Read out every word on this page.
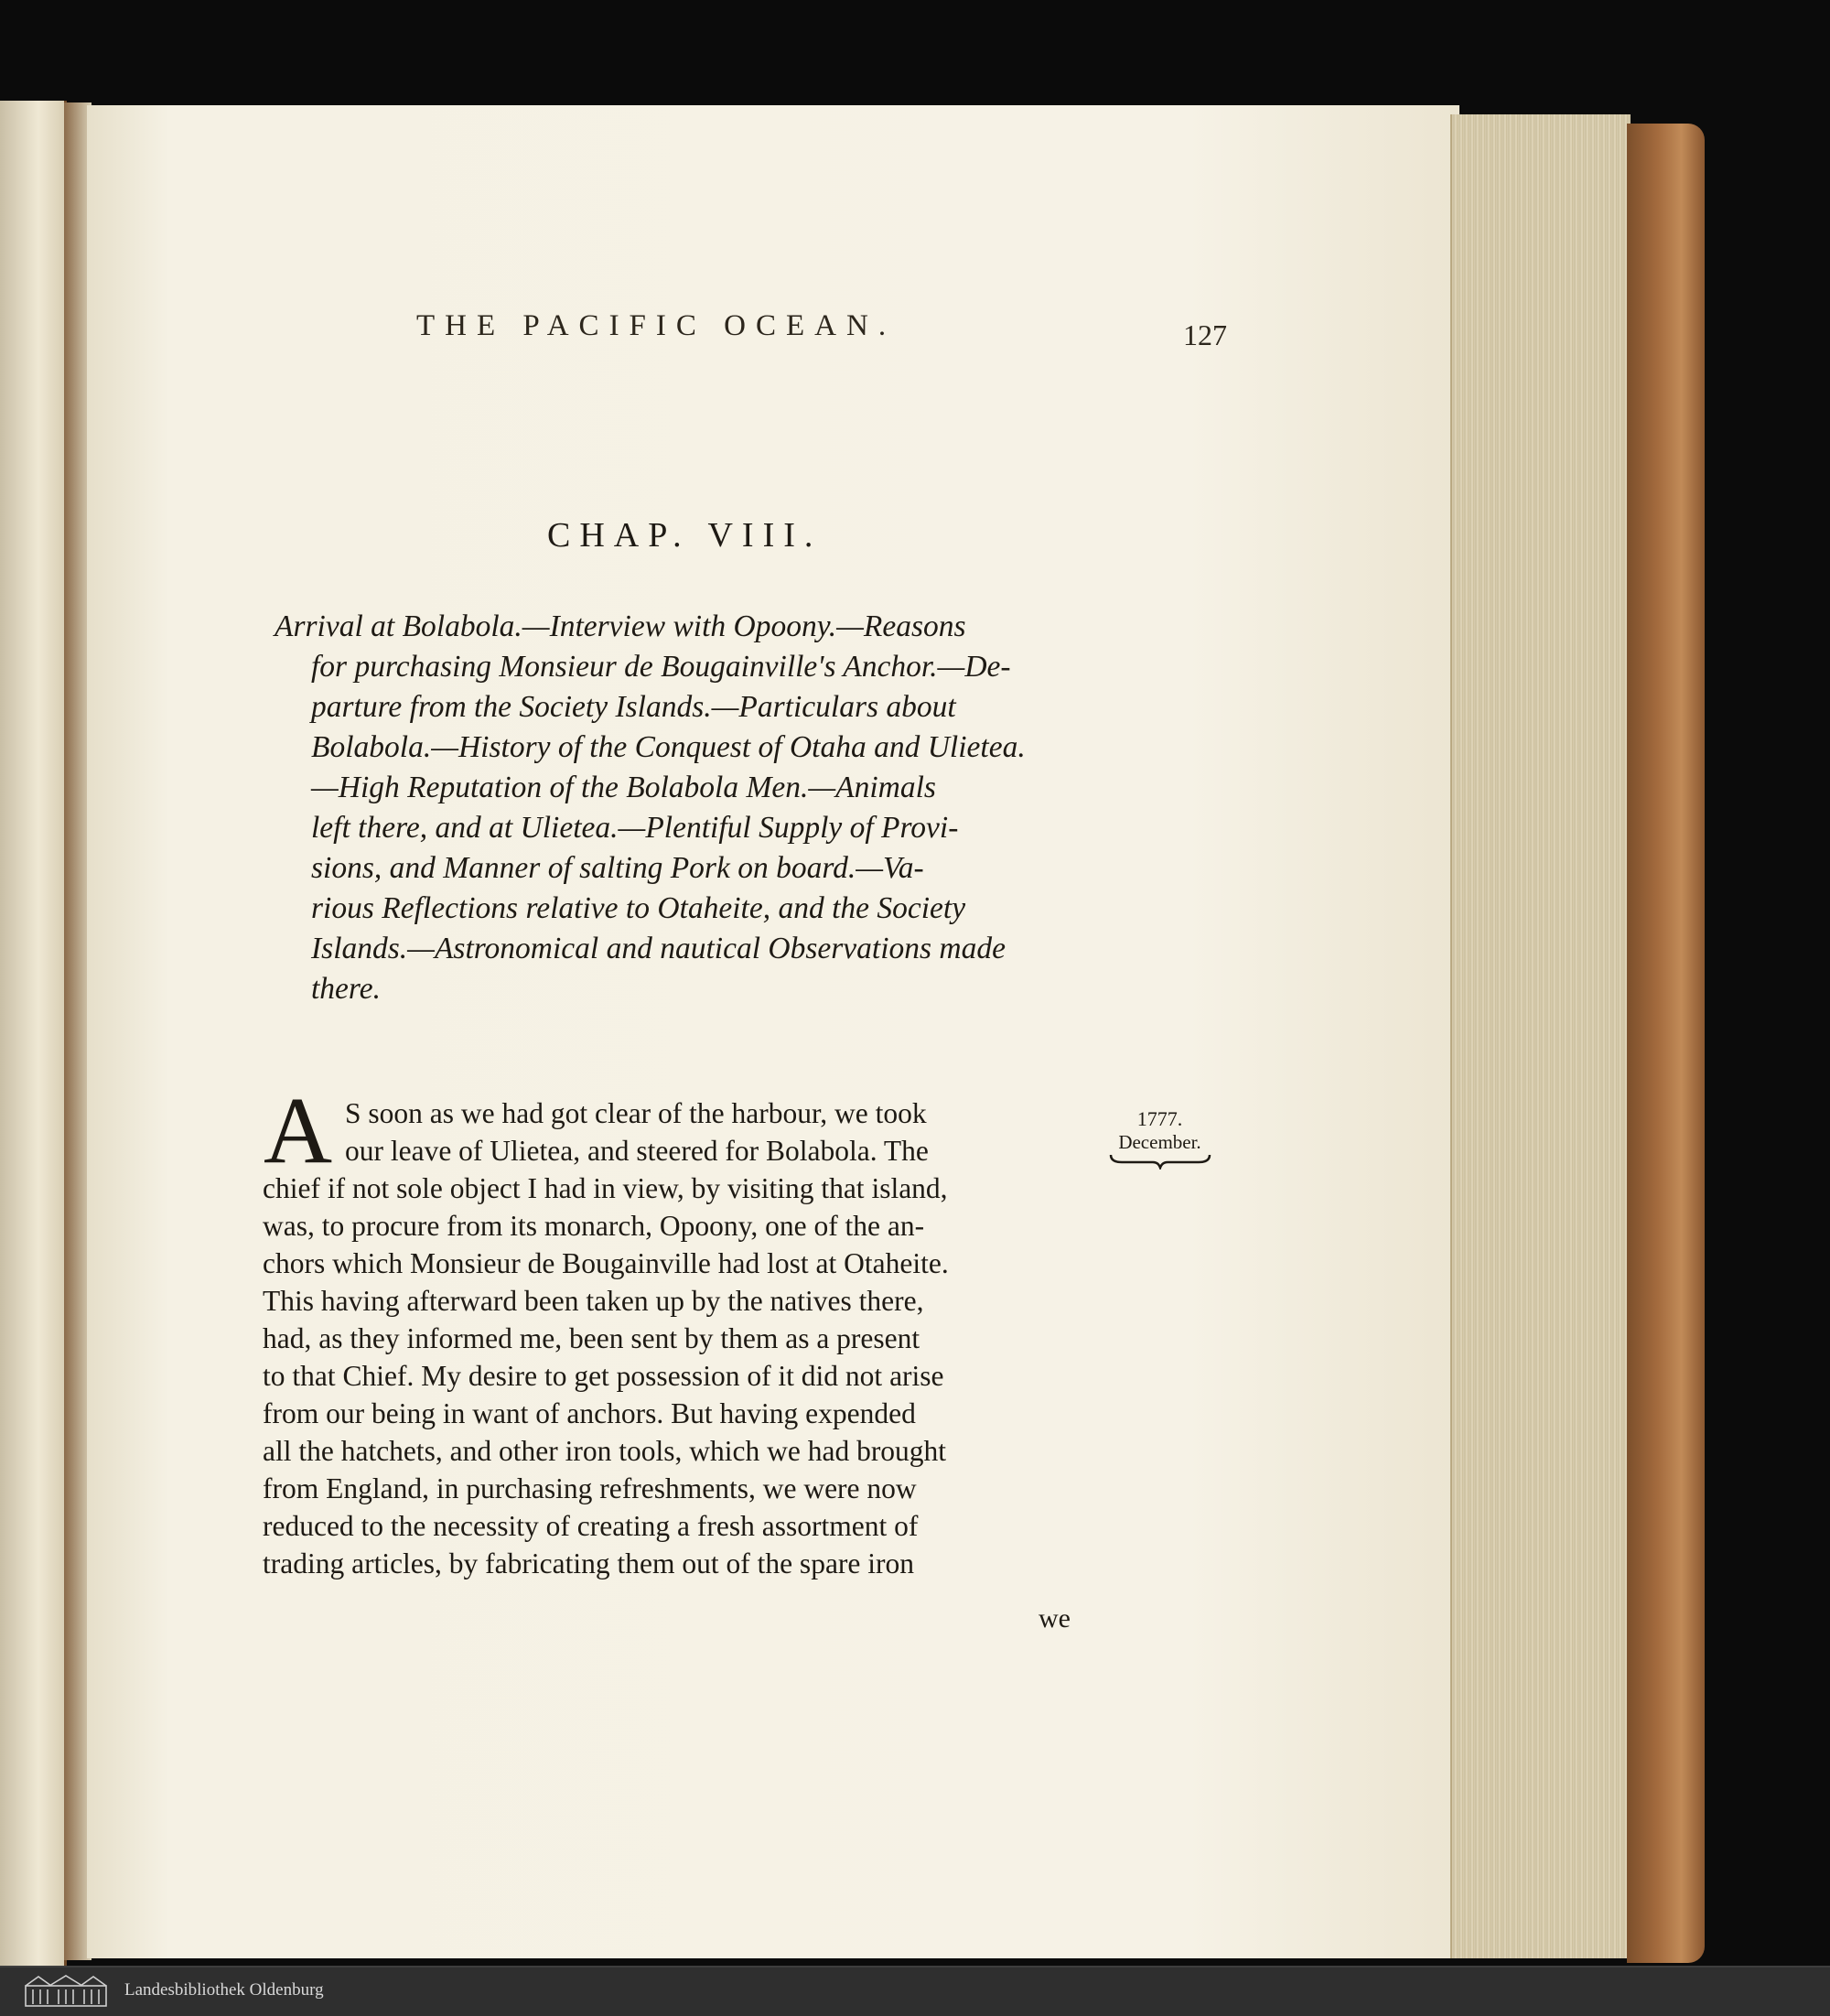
THE PACIFIC OCEAN.	127
CHAP. VIII.
Arrival at Bolabola.—Interview with Opoony.—Reasons
for purchasing Monsieur de Bougainville's Anchor.—De-
parture from the Society Islands.—Particulars about
Bolabola.—History of the Conquest of Otaha and Ulietea.
—High Reputation of the Bolabola Men.—Animals
left there, and at Ulietea.—Plentiful Supply of Provi-
sions, and Manner of salting Pork on board.—Va-
rious Reflections relative to Otaheite, and the Society
Islands.—Astronomical and nautical Observations made
there.
A S soon as we had got clear of the harbour, we took
our leave of Ulietea, and steered for Bolabola. The
chief if not sole object I had in view, by visiting that island,
was, to procure from its monarch, Opoony, one of the an-
chors which Monsieur de Bougainville had lost at Otaheite.
This having afterward been taken up by the natives there,
had, as they informed me, been sent by them as a present
to that Chief. My desire to get possession of it did not arise
from our being in want of anchors. But having expended
all the hatchets, and other iron tools, which we had brought
from England, in purchasing refreshments, we were now
reduced to the necessity of creating a fresh assortment of
trading articles, by fabricating them out of the spare iron
we
1777.
December.
Landesbibliothek Oldenburg
